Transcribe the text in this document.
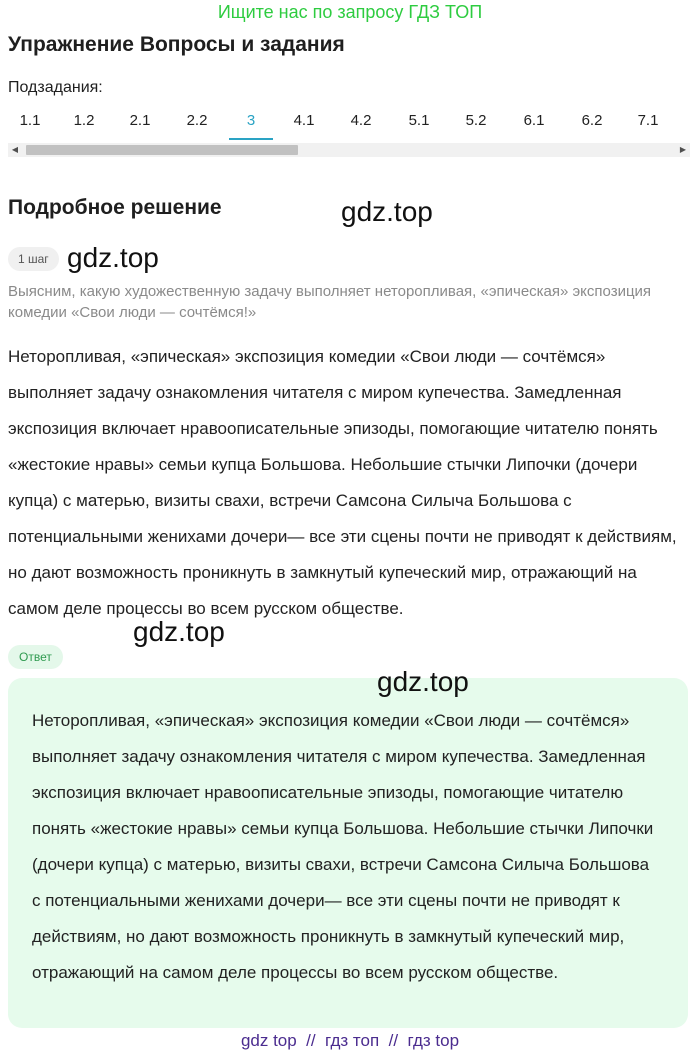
Ищите нас по запросу ГДЗ ТОП
Упражнение Вопросы и задания
Подзадания:
1.1	1.2	2.1	2.2	3	4.1	4.2	5.1	5.2	6.1	6.2	7.1
◀	▶
Подробное решение	gdz.top
1 шаг gdz.top
Выясним, какую художественную задачу выполняет неторопливая, «эпическая» экспозиция комедии «Свои люди — сочтёмся!»
Неторопливая, «эпическая» экспозиция комедии «Свои люди — сочтёмся» выполняет задачу ознакомления читателя с миром купечества. Замедленная экспозиция включает нравоописательные эпизоды, помогающие читателю понять «жестокие нравы» семьи купца Большова. Небольшие стычки Липочки (дочери купца) с матерью, визиты свахи, встречи Самсона Силыча Большова с потенциальными женихами дочери— все эти сцены почти не приводят к действиям, но дают возможность проникнуть в замкнутый купеческий мир, отражающий на самом деле процессы во всем русском обществе.
gdz.top
Ответ
gdz.top
Неторопливая, «эпическая» экспозиция комедии «Свои люди — сочтёмся» выполняет задачу ознакомления читателя с миром купечества. Замедленная экспозиция включает нравоописательные эпизоды, помогающие читателю понять «жестокие нравы» семьи купца Большова. Небольшие стычки Липочки (дочери купца) с матерью, визиты свахи, встречи Самсона Силыча Большова с потенциальными женихами дочери— все эти сцены почти не приводят к действиям, но дают возможность проникнуть в замкнутый купеческий мир, отражающий на самом деле процессы во всем русском обществе.
gdz top  //  гдз топ  //  гдз top
